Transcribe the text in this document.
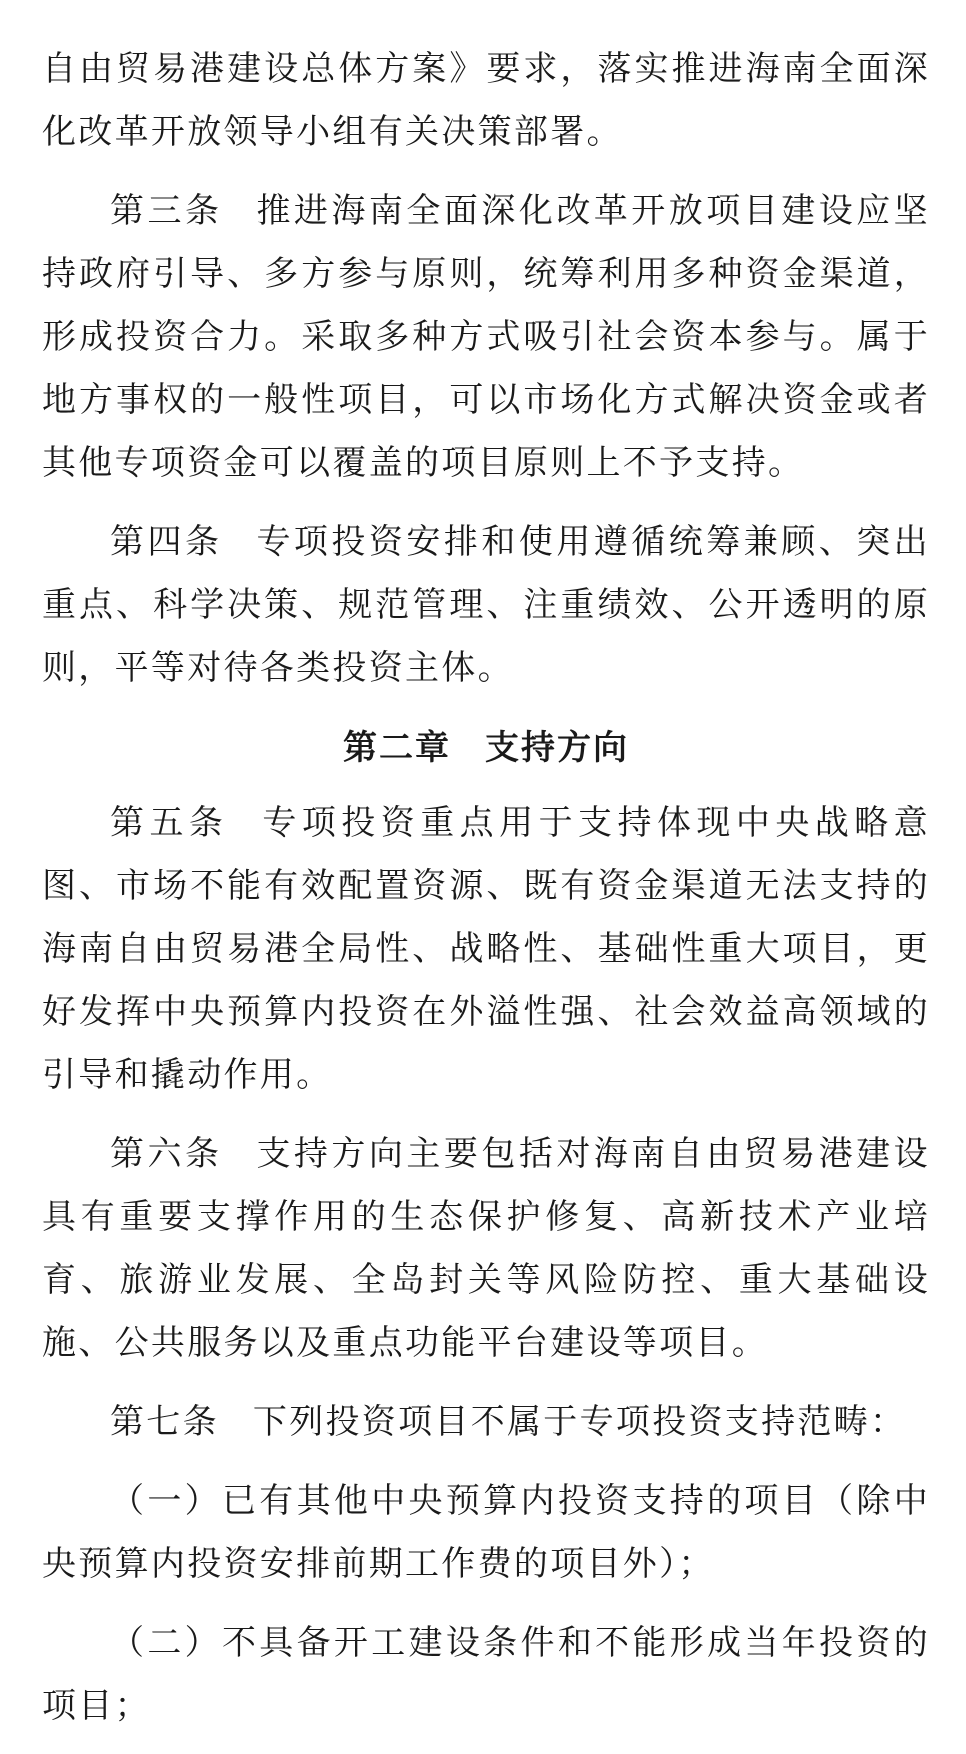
自由贸易港建设总体方案》要求，落实推进海南全面深化改革开放领导小组有关决策部署。

第三条 推进海南全面深化改革开放项目建设应坚持政府引导、多方参与原则，统筹利用多种资金渠道，形成投资合力。采取多种方式吸引社会资本参与。属于地方事权的一般性项目，可以市场化方式解决资金或者其他专项资金可以覆盖的项目原则上不予支持。

第四条 专项投资安排和使用遵循统筹兼顾、突出重点、科学决策、规范管理、注重绩效、公开透明的原则，平等对待各类投资主体。

第二章 支持方向

第五条 专项投资重点用于支持体现中央战略意图、市场不能有效配置资源、既有资金渠道无法支持的海南自由贸易港全局性、战略性、基础性重大项目，更好发挥中央预算内投资在外溢性强、社会效益高领域的引导和撬动作用。

第六条 支持方向主要包括对海南自由贸易港建设具有重要支撑作用的生态保护修复、高新技术产业培育、旅游业发展、全岛封关等风险防控、重大基础设施、公共服务以及重点功能平台建设等项目。

第七条 下列投资项目不属于专项投资支持范畴：

（一）已有其他中央预算内投资支持的项目（除中央预算内投资安排前期工作费的项目外）；

（二）不具备开工建设条件和不能形成当年投资的项目；
